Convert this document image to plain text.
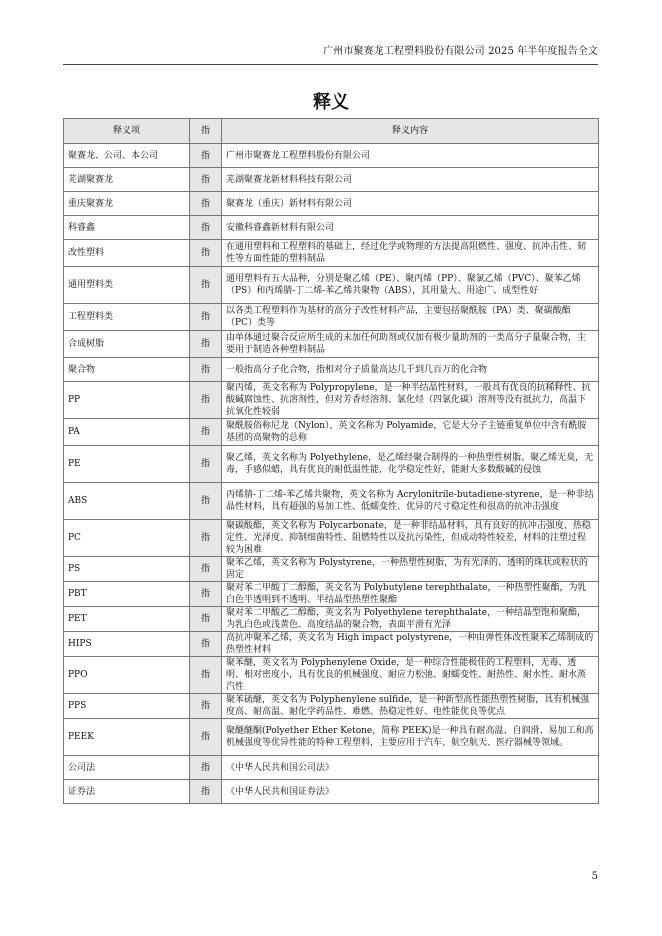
广州市聚赛龙工程塑料股份有限公司 2025 年半年度报告全文
释义
释义项	指	释义内容
聚赛龙、公司、本公司	指	广州市聚赛龙工程塑料股份有限公司
芜湖聚赛龙	指	芜湖聚赛龙新材料科技有限公司
重庆聚赛龙	指	聚赛龙（重庆）新材料有限公司
科睿鑫	指	安徽科睿鑫新材料有限公司
改性塑料	指	在通用塑料和工程塑料的基础上，经过化学或物理的方法提高阻燃性、强度、抗冲击性、韧性等方面性能的塑料制品
通用塑料类	指	通用塑料有五大品种，分别是聚乙烯（PE）、聚丙烯（PP）、聚氯乙烯（PVC）、聚苯乙烯（PS）和丙烯腈-丁二烯-苯乙烯共聚物（ABS），其用量大、用途广、成型性好
工程塑料类	指	以各类工程塑料作为基材的高分子改性材料产品，主要包括聚酰胺（PA）类、聚碳酸酯（PC）类等
合成树脂	指	由单体通过聚合反应所生成的未加任何助剂或仅加有极少量助剂的一类高分子量聚合物，主要用于制造各种塑料制品
聚合物	指	一般指高分子化合物，指相对分子质量高达几千到几百万的化合物
PP	指	聚丙烯，英文名称为 Polypropylene，是一种半结晶性材料，一般具有优良的抗稀释性、抗酸碱腐蚀性、抗溶剂性，但对芳香烃溶剂、氯化烃（四氯化碳）溶剂等没有抵抗力，高温下抗氧化性较弱
PA	指	聚酰胺俗称尼龙（Nylon），英文名称为 Polyamide，它是大分子主链重复单位中含有酰胺基团的高聚物的总称
PE	指	聚乙烯，英文名称为 Polyethylene，是乙烯经聚合制得的一种热塑性树脂。聚乙烯无臭，无毒，手感似蜡，具有优良的耐低温性能，化学稳定性好，能耐大多数酸碱的侵蚀
ABS	指	丙烯腈-丁二烯-苯乙烯共聚物，英文名称为 Acrylonitrile-butadiene-styrene，是一种非结晶性材料，具有超强的易加工性、低蠕变性、优异的尺寸稳定性和很高的抗冲击强度
PC	指	聚碳酸酯，英文名称为 Polycarbonate，是一种非结晶材料，具有良好的抗冲击强度、热稳定性、光泽度、抑制细菌特性、阻燃特性以及抗污染性，但成动特性较差，材料的注塑过程较为困难
PS	指	聚苯乙烯，英文名称为 Polystyrene，一种热塑性树脂，为有光泽的、透明的珠状或粒状的固定
PBT	指	聚对苯二甲酸丁二醇酯，英文名为 Polybutylene terephthalate，一种热塑性聚酯，为乳白色半透明到不透明、半结晶型热塑性聚酯
PET	指	聚对苯二甲酸乙二醇酯，英文名为 Polyethylene terephthalate，一种结晶型饱和聚酯，为乳白色或浅黄色、高度结晶的聚合物，表面平滑有光泽
HIPS	指	高抗冲聚苯乙烯，英文名为 High impact polystyrene，一种由弹性体改性聚苯乙烯制成的热塑性材料
PPO	指	聚苯醚，英文名为 Polyphenylene Oxide，是一种综合性能极佳的工程塑料，无毒、透明、相对密度小，具有优良的机械强度、耐应力松弛、耐蠕变性、耐热性、耐水性、耐水蒸汽性
PPS	指	聚苯硫醚，英文名为 Polyphenylene sulfide，是一种新型高性能热塑性树脂，具有机械强度高、耐高温、耐化学药品性、难燃、热稳定性好、电性能优良等优点
PEEK	指	聚醚醚酮(Polyether Ether Ketone，简称 PEEK)是一种具有耐高温、自润滑、易加工和高机械强度等优异性能的特种工程塑料，主要应用于汽车、航空航天、医疗器械等领域。
公司法	指	《中华人民共和国公司法》
证券法	指	《中华人民共和国证券法》
5
